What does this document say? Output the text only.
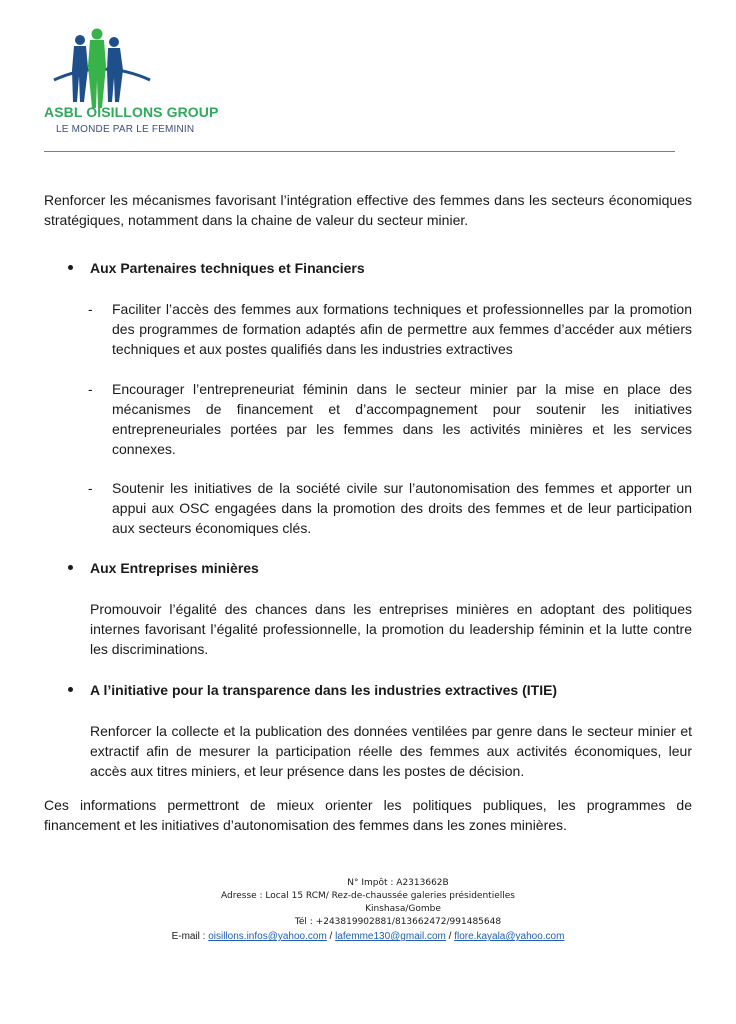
ASBL OISILLONS GROUP
LE MONDE PAR LE FEMININ

Renforcer les mécanismes favorisant l’intégration effective des femmes dans les secteurs économiques stratégiques, notamment dans la chaine de valeur du secteur minier.

Aux Partenaires techniques et Financiers

- Faciliter l’accès des femmes aux formations techniques et professionnelles par la promotion des programmes de formation adaptés afin de permettre aux femmes d’accéder aux métiers techniques et aux postes qualifiés dans les industries extractives

- Encourager l’entrepreneuriat féminin dans le secteur minier par la mise en place des mécanismes de financement et d’accompagnement pour soutenir les initiatives entrepreneuriales portées par les femmes dans les activités minières et les services connexes.

- Soutenir les initiatives de la société civile sur l’autonomisation des femmes et apporter un appui aux OSC engagées dans la promotion des droits des femmes et de leur participation aux secteurs économiques clés.

Aux Entreprises minières

Promouvoir l’égalité des chances dans les entreprises minières en adoptant des politiques internes favorisant l’égalité professionnelle, la promotion du leadership féminin et la lutte contre les discriminations.

A l’initiative pour la transparence dans les industries extractives (ITIE)

Renforcer la collecte et la publication des données ventilées par genre dans le secteur minier et extractif afin de mesurer la participation réelle des femmes aux activités économiques, leur accès aux titres miniers, et leur présence dans les postes de décision.

Ces informations permettront de mieux orienter les politiques publiques, les programmes de financement et les initiatives d’autonomisation des femmes dans les zones minières.

N° Impôt : A2313662B
Adresse : Local 15 RCM/ Rez-de-chaussée galeries présidentielles
Kinshasa/Gombe
Tél : +243819902881/813662472/991485648
E-mail : oisillons.infos@yahoo.com / lafemme130@gmail.com / flore.kayala@yahoo.com
